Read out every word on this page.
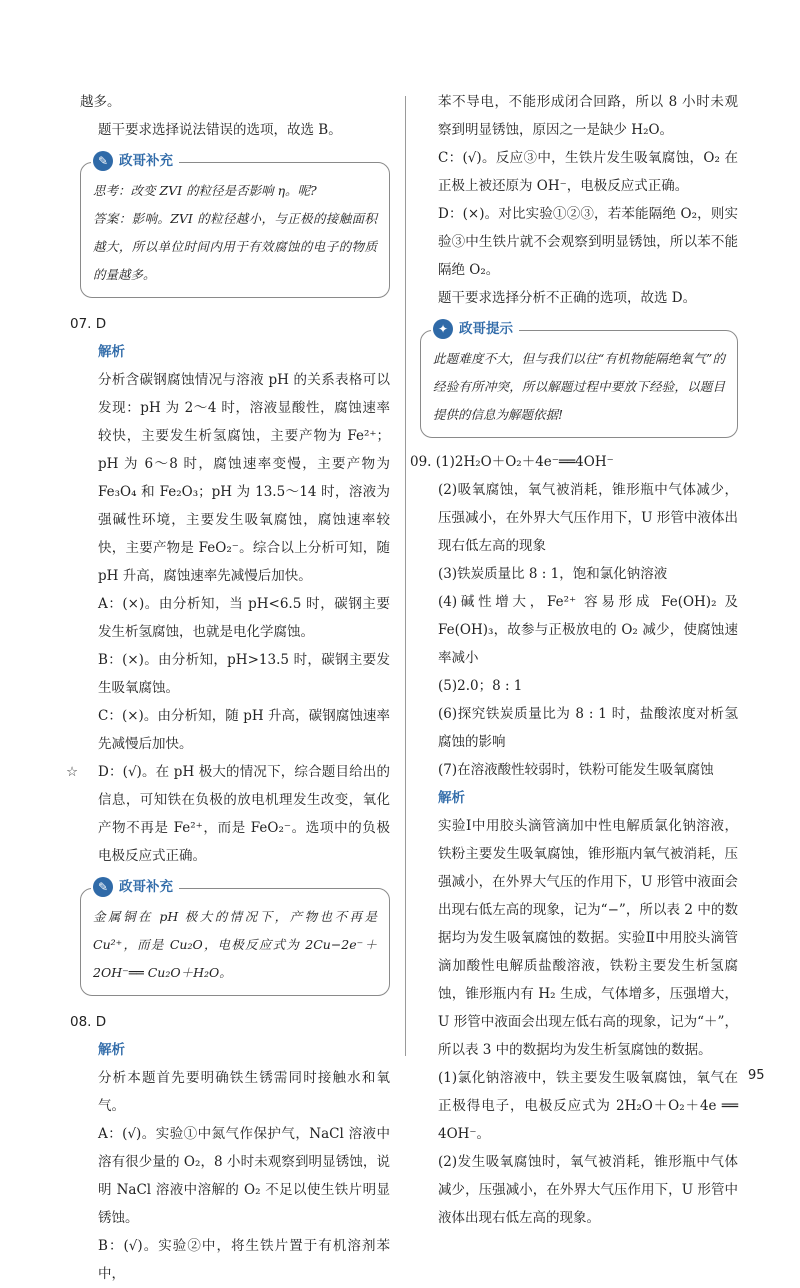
越多。

题干要求选择说法错误的选项，故选 B。

✎ 政哥补充

思考：改变 ZVI 的粒径是否影响 η。呢?

答案：影响。ZVI 的粒径越小，与正极的接触面积越大，所以单位时间内用于有效腐蚀的电子的物质的量越多。

07. D

解析

分析含碳钢腐蚀情况与溶液 pH 的关系表格可以发现：pH 为 2～4 时，溶液显酸性，腐蚀速率较快，主要发生析氢腐蚀，主要产物为 Fe²⁺；pH 为 6～8 时，腐蚀速率变慢，主要产物为 Fe₃O₄ 和 Fe₂O₃；pH 为 13.5～14 时，溶液为强碱性环境，主要发生吸氧腐蚀，腐蚀速率较快，主要产物是 FeO₂⁻。综合以上分析可知，随 pH 升高，腐蚀速率先减慢后加快。

A：(×)。由分析知，当 pH<6.5 时，碳钢主要发生析氢腐蚀，也就是电化学腐蚀。

B：(×)。由分析知，pH>13.5 时，碳钢主要发生吸氧腐蚀。

C：(×)。由分析知，随 pH 升高，碳钢腐蚀速率先减慢后加快。

☆ D：(√)。在 pH 极大的情况下，综合题目给出的信息，可知铁在负极的放电机理发生改变，氧化产物不再是 Fe²⁺，而是 FeO₂⁻。选项中的负极电极反应式正确。

✎ 政哥补充

金属铜在 pH 极大的情况下，产物也不再是 Cu²⁺，而是 Cu₂O，电极反应式为 2Cu−2e⁻＋2OH⁻══ Cu₂O＋H₂O。

08. D

解析

分析本题首先要明确铁生锈需同时接触水和氧气。

A：(√)。实验①中氮气作保护气，NaCl 溶液中溶有很少量的 O₂，8 小时未观察到明显锈蚀，说明 NaCl 溶液中溶解的 O₂ 不足以使生铁片明显锈蚀。

B：(√)。实验②中，将生铁片置于有机溶剂苯中，

苯不导电，不能形成闭合回路，所以 8 小时未观察到明显锈蚀，原因之一是缺少 H₂O。

C：(√)。反应③中，生铁片发生吸氧腐蚀，O₂ 在正极上被还原为 OH⁻，电极反应式正确。

D：(×)。对比实验①②③，若苯能隔绝 O₂，则实验③中生铁片就不会观察到明显锈蚀，所以苯不能隔绝 O₂。

题干要求选择分析不正确的选项，故选 D。

✦ 政哥提示

此题难度不大，但与我们以往“有机物能隔绝氧气”的经验有所冲突，所以解题过程中要放下经验，以题目提供的信息为解题依据!

09. (1)2H₂O＋O₂＋4e⁻══4OH⁻

(2)吸氧腐蚀，氧气被消耗，锥形瓶中气体减少，压强减小，在外界大气压作用下，U 形管中液体出现右低左高的现象

(3)铁炭质量比 8 : 1，饱和氯化钠溶液

(4)碱性增大，Fe²⁺ 容易形成 Fe(OH)₂ 及 Fe(OH)₃，故参与正极放电的 O₂ 减少，使腐蚀速率减小

(5)2.0；8 : 1

(6)探究铁炭质量比为 8 : 1 时，盐酸浓度对析氢腐蚀的影响

(7)在溶液酸性较弱时，铁粉可能发生吸氧腐蚀

解析

实验Ⅰ中用胶头滴管滴加中性电解质氯化钠溶液，铁粉主要发生吸氧腐蚀，锥形瓶内氧气被消耗，压强减小，在外界大气压的作用下，U 形管中液面会出现右低左高的现象，记为“−”，所以表 2 中的数据均为发生吸氧腐蚀的数据。实验Ⅱ中用胶头滴管滴加酸性电解质盐酸溶液，铁粉主要发生析氢腐蚀，锥形瓶内有 H₂ 生成，气体增多，压强增大，U 形管中液面会出现左低右高的现象，记为“＋”，所以表 3 中的数据均为发生析氢腐蚀的数据。

(1)氯化钠溶液中，铁主要发生吸氧腐蚀，氧气在正极得电子，电极反应式为 2H₂O＋O₂＋4e ══ 4OH⁻。

(2)发生吸氧腐蚀时，氧气被消耗，锥形瓶中气体减少，压强减小，在外界大气压作用下，U 形管中液体出现右低左高的现象。

95
